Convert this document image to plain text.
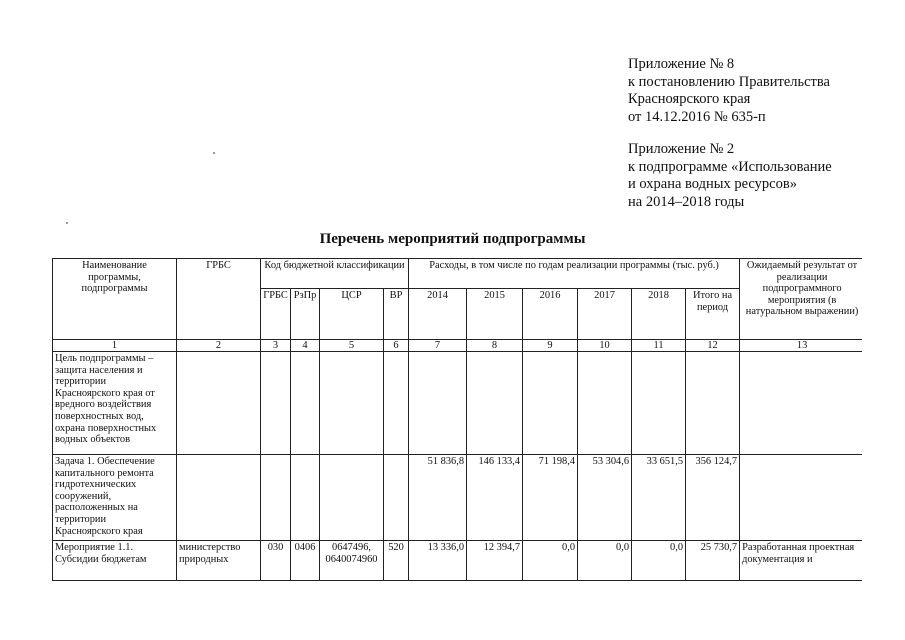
Приложение № 8
к постановлению Правительства
Красноярского края
от 14.12.2016 № 635-п
Приложение № 2
к подпрограмме «Использование
и охрана водных ресурсов»
на 2014–2018 годы
Перечень мероприятий подпрограммы
Наименование программы, подпрограммы	ГРБС	Код бюджетной классификации				Расходы, в том числе по годам реализации программы (тыс. руб.)						Ожидаемый результат от реализации подпрограммного мероприятия (в натуральном выражении)
		ГРБС	РзПр	ЦСР	ВР	2014	2015	2016	2017	2018	Итого на период	
1	2	3	4	5	6	7	8	9	10	11	12	13
Цель подпрограммы – защита населения и территории Красноярского края от вредного воздействия поверхностных вод, охрана поверхностных водных объектов												
Задача 1. Обеспечение капитального ремонта гидротехнических сооружений, расположенных на территории Красноярского края						51 836,8	146 133,4	71 198,4	53 304,6	33 651,5	356 124,7	
Мероприятие 1.1. Субсидии бюджетам	министерство природных	030	0406	0647496, 0640074960	520	13 336,0	12 394,7	0,0	0,0	0,0	25 730,7	Разработанная проектная документация и
